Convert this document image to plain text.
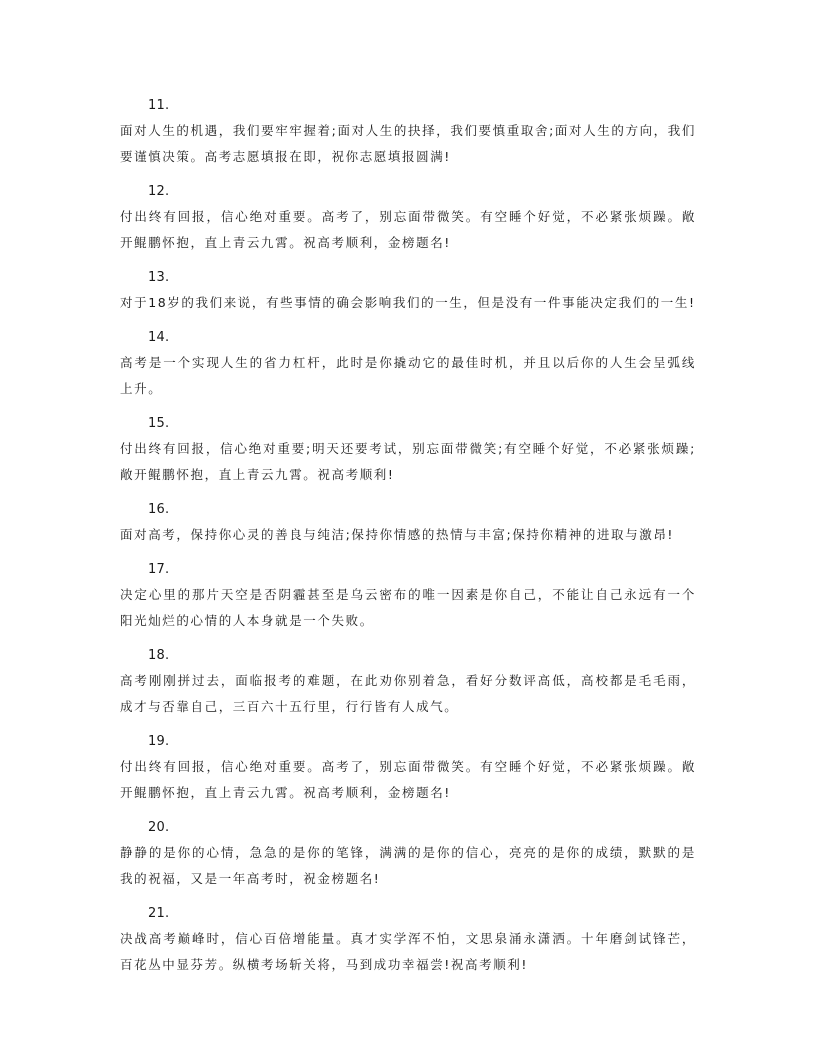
11.
面对人生的机遇，我们要牢牢握着;面对人生的抉择，我们要慎重取舍;面对人生的方向，我们要谨慎决策。高考志愿填报在即，祝你志愿填报圆满!
12.
付出终有回报，信心绝对重要。高考了，别忘面带微笑。有空睡个好觉，不必紧张烦躁。敞开鲲鹏怀抱，直上青云九霄。祝高考顺利，金榜题名!
13.
对于18岁的我们来说，有些事情的确会影响我们的一生，但是没有一件事能决定我们的一生!
14.
高考是一个实现人生的省力杠杆，此时是你撬动它的最佳时机，并且以后你的人生会呈弧线上升。
15.
付出终有回报，信心绝对重要;明天还要考试，别忘面带微笑;有空睡个好觉，不必紧张烦躁;敞开鲲鹏怀抱，直上青云九霄。祝高考顺利!
16.
面对高考，保持你心灵的善良与纯洁;保持你情感的热情与丰富;保持你精神的进取与激昂!
17.
决定心里的那片天空是否阴霾甚至是乌云密布的唯一因素是你自己，不能让自己永远有一个阳光灿烂的心情的人本身就是一个失败。
18.
高考刚刚拼过去，面临报考的难题，在此劝你别着急，看好分数评高低，高校都是毛毛雨，成才与否靠自己，三百六十五行里，行行皆有人成气。
19.
付出终有回报，信心绝对重要。高考了，别忘面带微笑。有空睡个好觉，不必紧张烦躁。敞开鲲鹏怀抱，直上青云九霄。祝高考顺利，金榜题名!
20.
静静的是你的心情，急急的是你的笔锋，满满的是你的信心，亮亮的是你的成绩，默默的是我的祝福，又是一年高考时，祝金榜题名!
21.
决战高考巅峰时，信心百倍增能量。真才实学浑不怕，文思泉涌永潇洒。十年磨剑试锋芒，百花丛中显芬芳。纵横考场斩关将，马到成功幸福尝!祝高考顺利!
